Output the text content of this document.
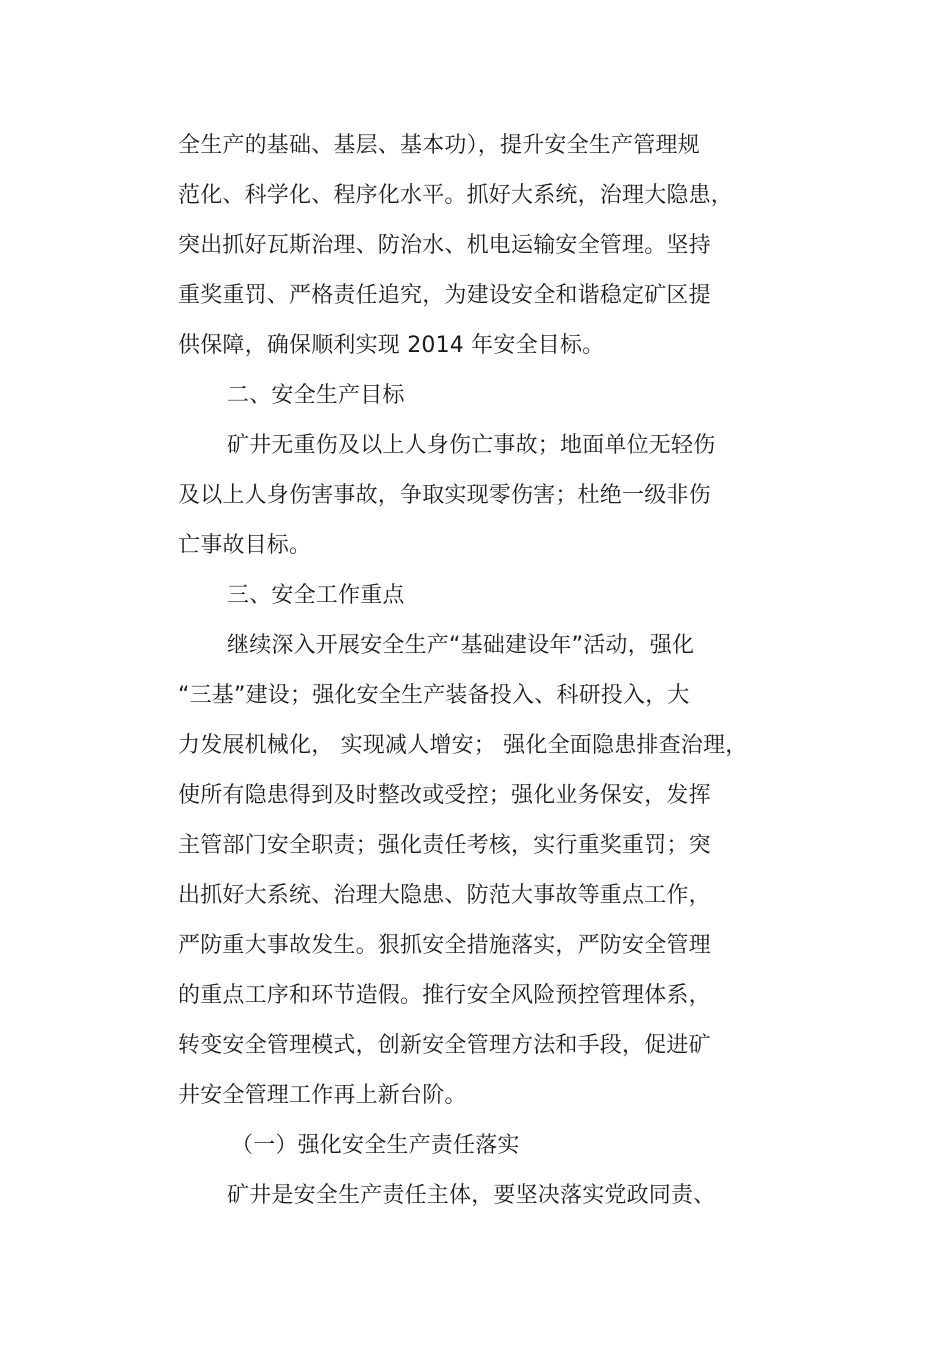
全生产的基础、基层、基本功），提升安全生产管理规
范化、科学化、程序化水平。抓好大系统，治理大隐患，
突出抓好瓦斯治理、防治水、机电运输安全管理。坚持
重奖重罚、严格责任追究，为建设安全和谐稳定矿区提
供保障，确保顺利实现 2014 年安全目标。
二、安全生产目标
矿井无重伤及以上人身伤亡事故；地面单位无轻伤
及以上人身伤害事故，争取实现零伤害；杜绝一级非伤
亡事故目标。
三、安全工作重点
继续深入开展安全生产“基础建设年”活动，强化
“三基”建设；强化安全生产装备投入、科研投入，大
力发展机械化， 实现减人增安； 强化全面隐患排查治理，
使所有隐患得到及时整改或受控；强化业务保安，发挥
主管部门安全职责；强化责任考核，实行重奖重罚；突
出抓好大系统、治理大隐患、防范大事故等重点工作，
严防重大事故发生。狠抓安全措施落实，严防安全管理
的重点工序和环节造假。推行安全风险预控管理体系，
转变安全管理模式，创新安全管理方法和手段，促进矿
井安全管理工作再上新台阶。
（一）强化安全生产责任落实
矿井是安全生产责任主体，要坚决落实党政同责、
